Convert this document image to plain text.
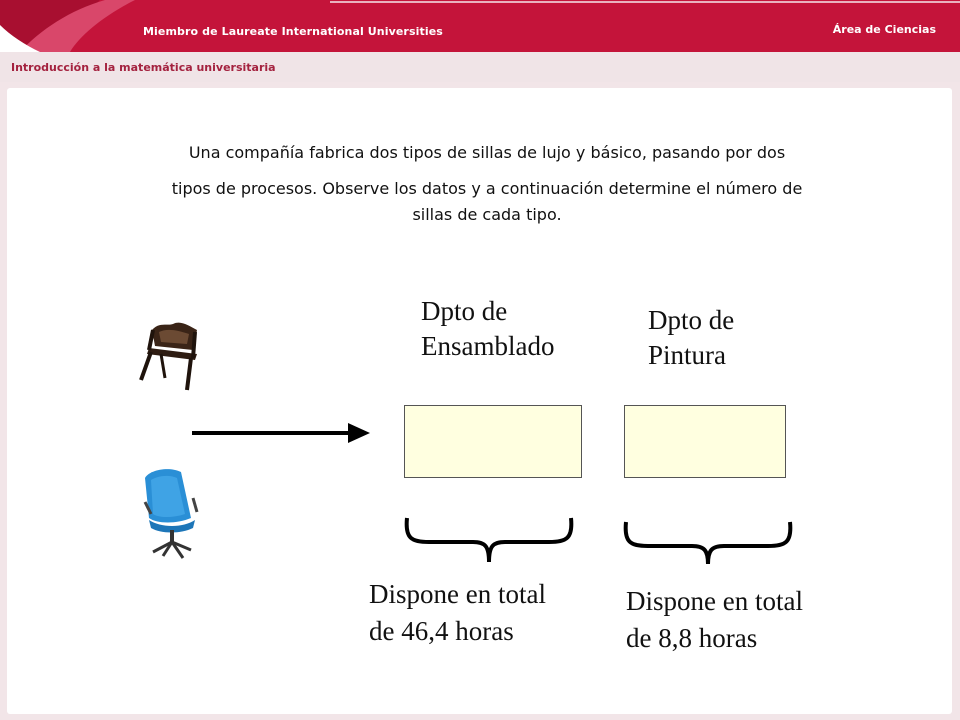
Miembro de Laureate International Universities	Área de Ciencias
Introducción a la matemática universitaria
Una compañía fabrica dos tipos de sillas de lujo y básico, pasando por dos
tipos de procesos. Observe los datos y a continuación determine el número de
sillas de cada tipo.
Dpto de
Ensamblado
Dispone en total
de 46,4 horas
Dpto de
Pintura
Dispone en total
de 8,8 horas
